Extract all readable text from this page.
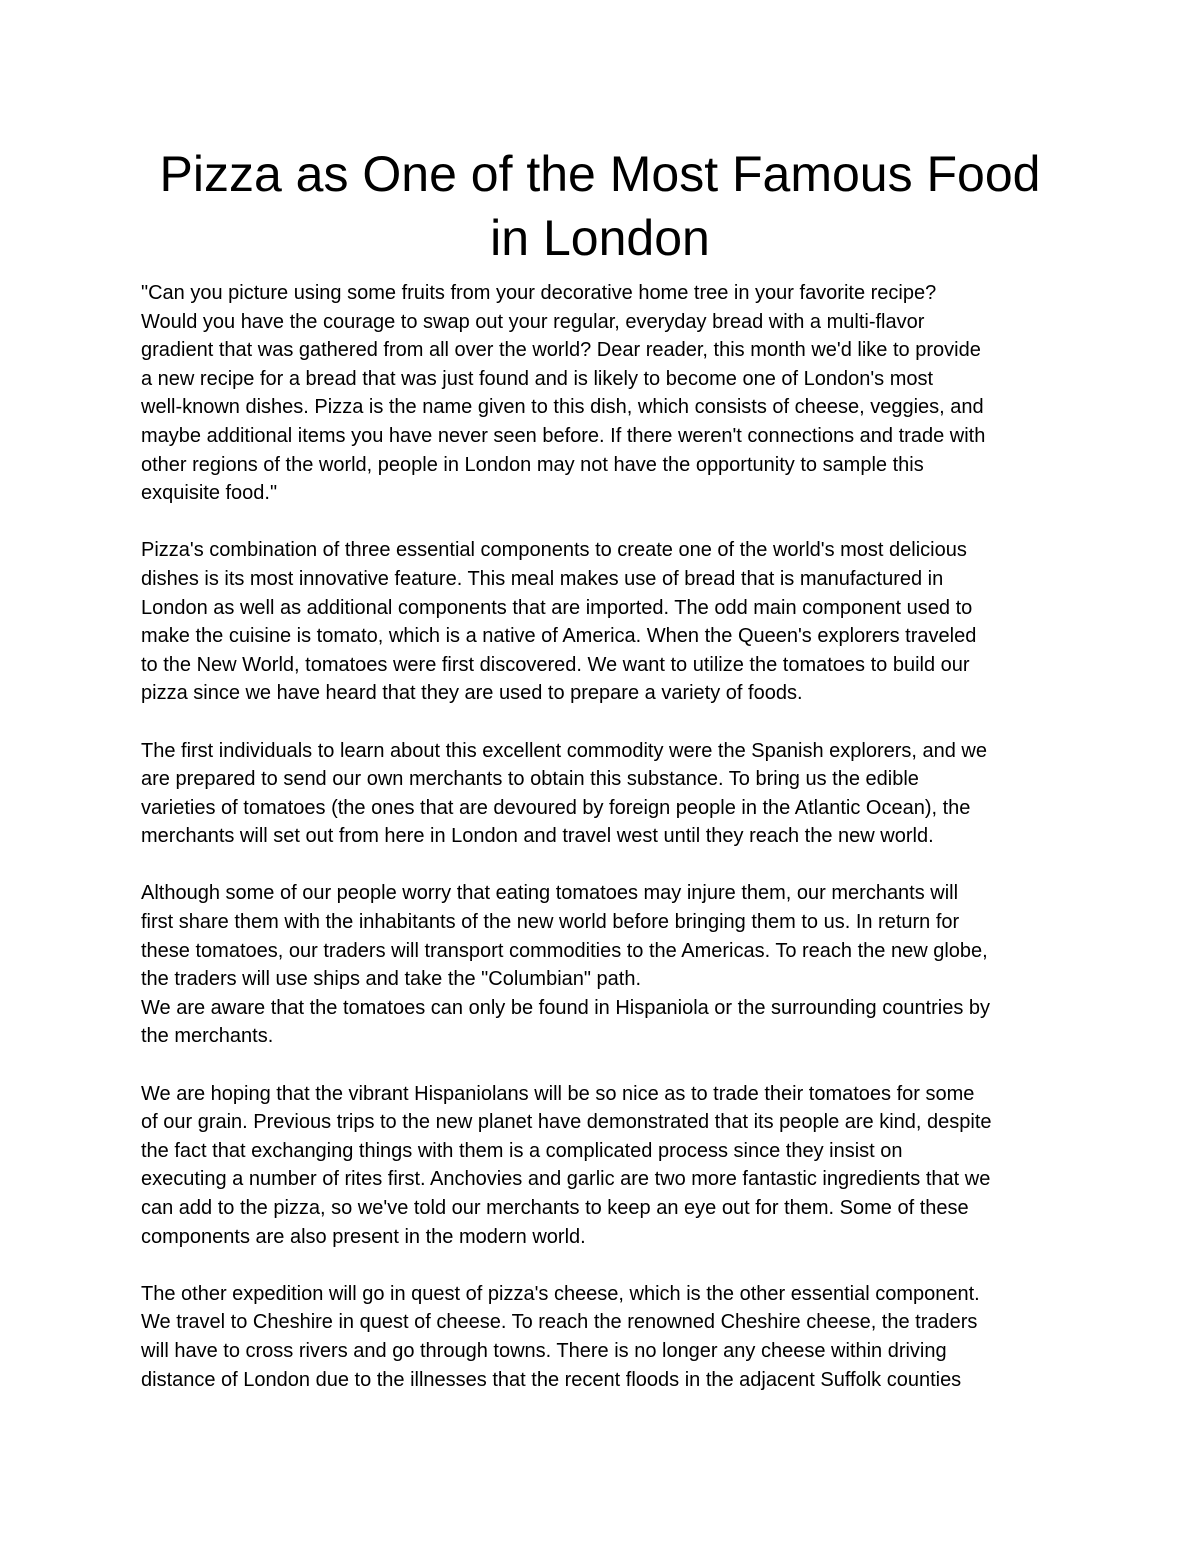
Pizza as One of the Most Famous Food
in London
"Can you picture using some fruits from your decorative home tree in your favorite recipe?
Would you have the courage to swap out your regular, everyday bread with a multi-flavor
gradient that was gathered from all over the world? Dear reader, this month we'd like to provide
a new recipe for a bread that was just found and is likely to become one of London's most
well-known dishes. Pizza is the name given to this dish, which consists of cheese, veggies, and
maybe additional items you have never seen before. If there weren't connections and trade with
other regions of the world, people in London may not have the opportunity to sample this
exquisite food."
Pizza's combination of three essential components to create one of the world's most delicious
dishes is its most innovative feature. This meal makes use of bread that is manufactured in
London as well as additional components that are imported. The odd main component used to
make the cuisine is tomato, which is a native of America. When the Queen's explorers traveled
to the New World, tomatoes were first discovered. We want to utilize the tomatoes to build our
pizza since we have heard that they are used to prepare a variety of foods.
The first individuals to learn about this excellent commodity were the Spanish explorers, and we
are prepared to send our own merchants to obtain this substance. To bring us the edible
varieties of tomatoes (the ones that are devoured by foreign people in the Atlantic Ocean), the
merchants will set out from here in London and travel west until they reach the new world.
Although some of our people worry that eating tomatoes may injure them, our merchants will
first share them with the inhabitants of the new world before bringing them to us. In return for
these tomatoes, our traders will transport commodities to the Americas. To reach the new globe,
the traders will use ships and take the "Columbian" path.
We are aware that the tomatoes can only be found in Hispaniola or the surrounding countries by
the merchants.
We are hoping that the vibrant Hispaniolans will be so nice as to trade their tomatoes for some
of our grain. Previous trips to the new planet have demonstrated that its people are kind, despite
the fact that exchanging things with them is a complicated process since they insist on
executing a number of rites first. Anchovies and garlic are two more fantastic ingredients that we
can add to the pizza, so we've told our merchants to keep an eye out for them. Some of these
components are also present in the modern world.
The other expedition will go in quest of pizza's cheese, which is the other essential component.
We travel to Cheshire in quest of cheese. To reach the renowned Cheshire cheese, the traders
will have to cross rivers and go through towns. There is no longer any cheese within driving
distance of London due to the illnesses that the recent floods in the adjacent Suffolk counties
